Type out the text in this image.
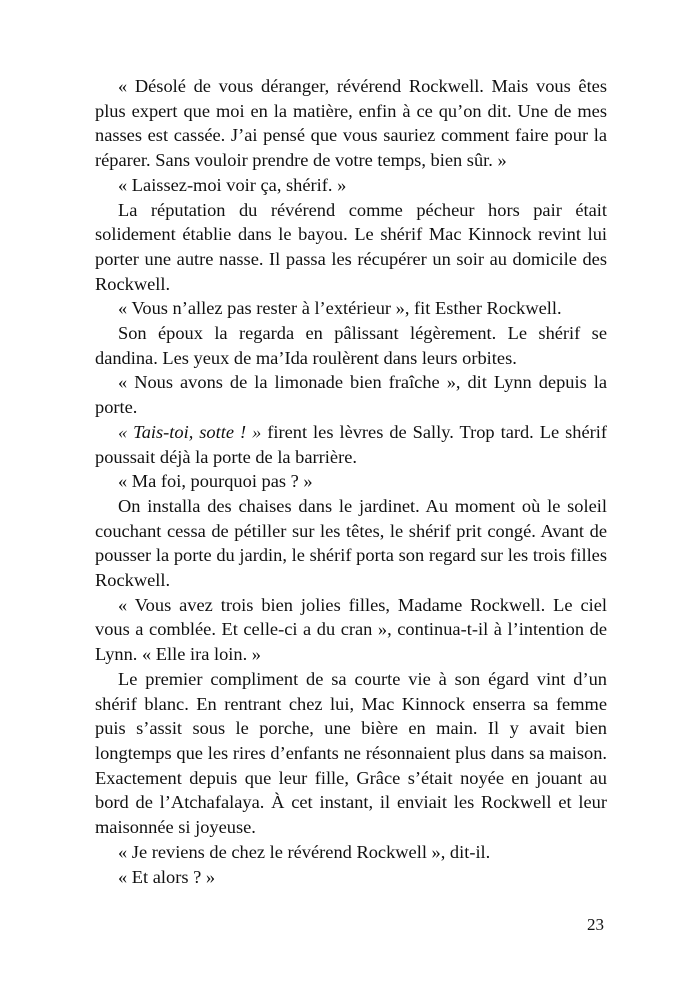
« Désolé de vous déranger, révérend Rockwell. Mais vous êtes plus expert que moi en la matière, enfin à ce qu’on dit. Une de mes nasses est cassée. J’ai pensé que vous sauriez comment faire pour la réparer. Sans vouloir prendre de votre temps, bien sûr. »

« Laissez-moi voir ça, shérif. »

La réputation du révérend comme pécheur hors pair était solidement établie dans le bayou. Le shérif Mac Kinnock revint lui porter une autre nasse. Il passa les récupérer un soir au domicile des Rockwell.

« Vous n’allez pas rester à l’extérieur », fit Esther Rockwell.

Son époux la regarda en pâlissant légèrement. Le shérif se dandina. Les yeux de ma’Ida roulèrent dans leurs orbites.

« Nous avons de la limonade bien fraîche », dit Lynn depuis la porte.

« Tais-toi, sotte ! » firent les lèvres de Sally. Trop tard. Le shérif poussait déjà la porte de la barrière.

« Ma foi, pourquoi pas ? »

On installa des chaises dans le jardinet. Au moment où le soleil couchant cessa de pétiller sur les têtes, le shérif prit congé. Avant de pousser la porte du jardin, le shérif porta son regard sur les trois filles Rockwell.

« Vous avez trois bien jolies filles, Madame Rockwell. Le ciel vous a comblée. Et celle-ci a du cran », continua-t-il à l’intention de Lynn. « Elle ira loin. »

Le premier compliment de sa courte vie à son égard vint d’un shérif blanc. En rentrant chez lui, Mac Kinnock enserra sa femme puis s’assit sous le porche, une bière en main. Il y avait bien longtemps que les rires d’enfants ne résonnaient plus dans sa maison. Exactement depuis que leur fille, Grâce s’était noyée en jouant au bord de l’Atchafalaya. À cet instant, il enviait les Rockwell et leur maisonnée si joyeuse.

« Je reviens de chez le révérend Rockwell », dit-il.

« Et alors ? »

23
